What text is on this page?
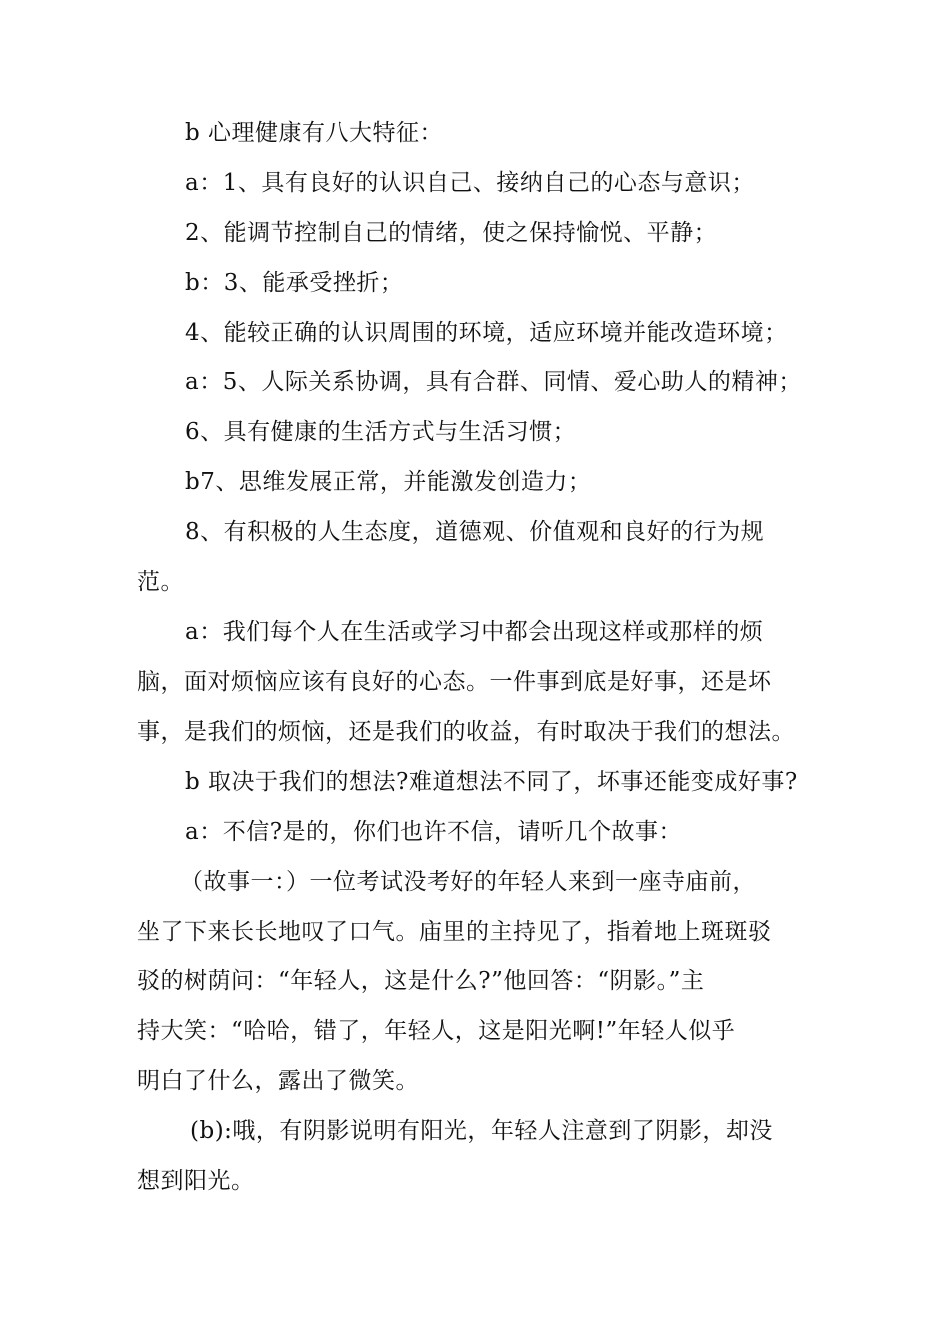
b 心理健康有八大特征：
a：1、具有良好的认识自己、接纳自己的心态与意识；
2、能调节控制自己的情绪，使之保持愉悦、平静；
b：3、能承受挫折；
4、能较正确的认识周围的环境，适应环境并能改造环境；
a：5、人际关系协调，具有合群、同情、爱心助人的精神；
6、具有健康的生活方式与生活习惯；
b7、思维发展正常，并能激发创造力；
8、有积极的人生态度，道德观、价值观和良好的行为规
范。
a：我们每个人在生活或学习中都会出现这样或那样的烦
脑，面对烦恼应该有良好的心态。一件事到底是好事，还是坏
事，是我们的烦恼，还是我们的收益，有时取决于我们的想法。
b 取决于我们的想法?难道想法不同了，坏事还能变成好事?
a：不信?是的，你们也许不信，请听几个故事：
（故事一：）一位考试没考好的年轻人来到一座寺庙前，
坐了下来长长地叹了口气。庙里的主持见了，指着地上斑斑驳
驳的树荫问：“年轻人，这是什么?”他回答：“阴影。”主
持大笑：“哈哈，错了，年轻人，这是阳光啊!”年轻人似乎
明白了什么，露出了微笑。
(b):哦，有阴影说明有阳光，年轻人注意到了阴影，却没
想到阳光。
